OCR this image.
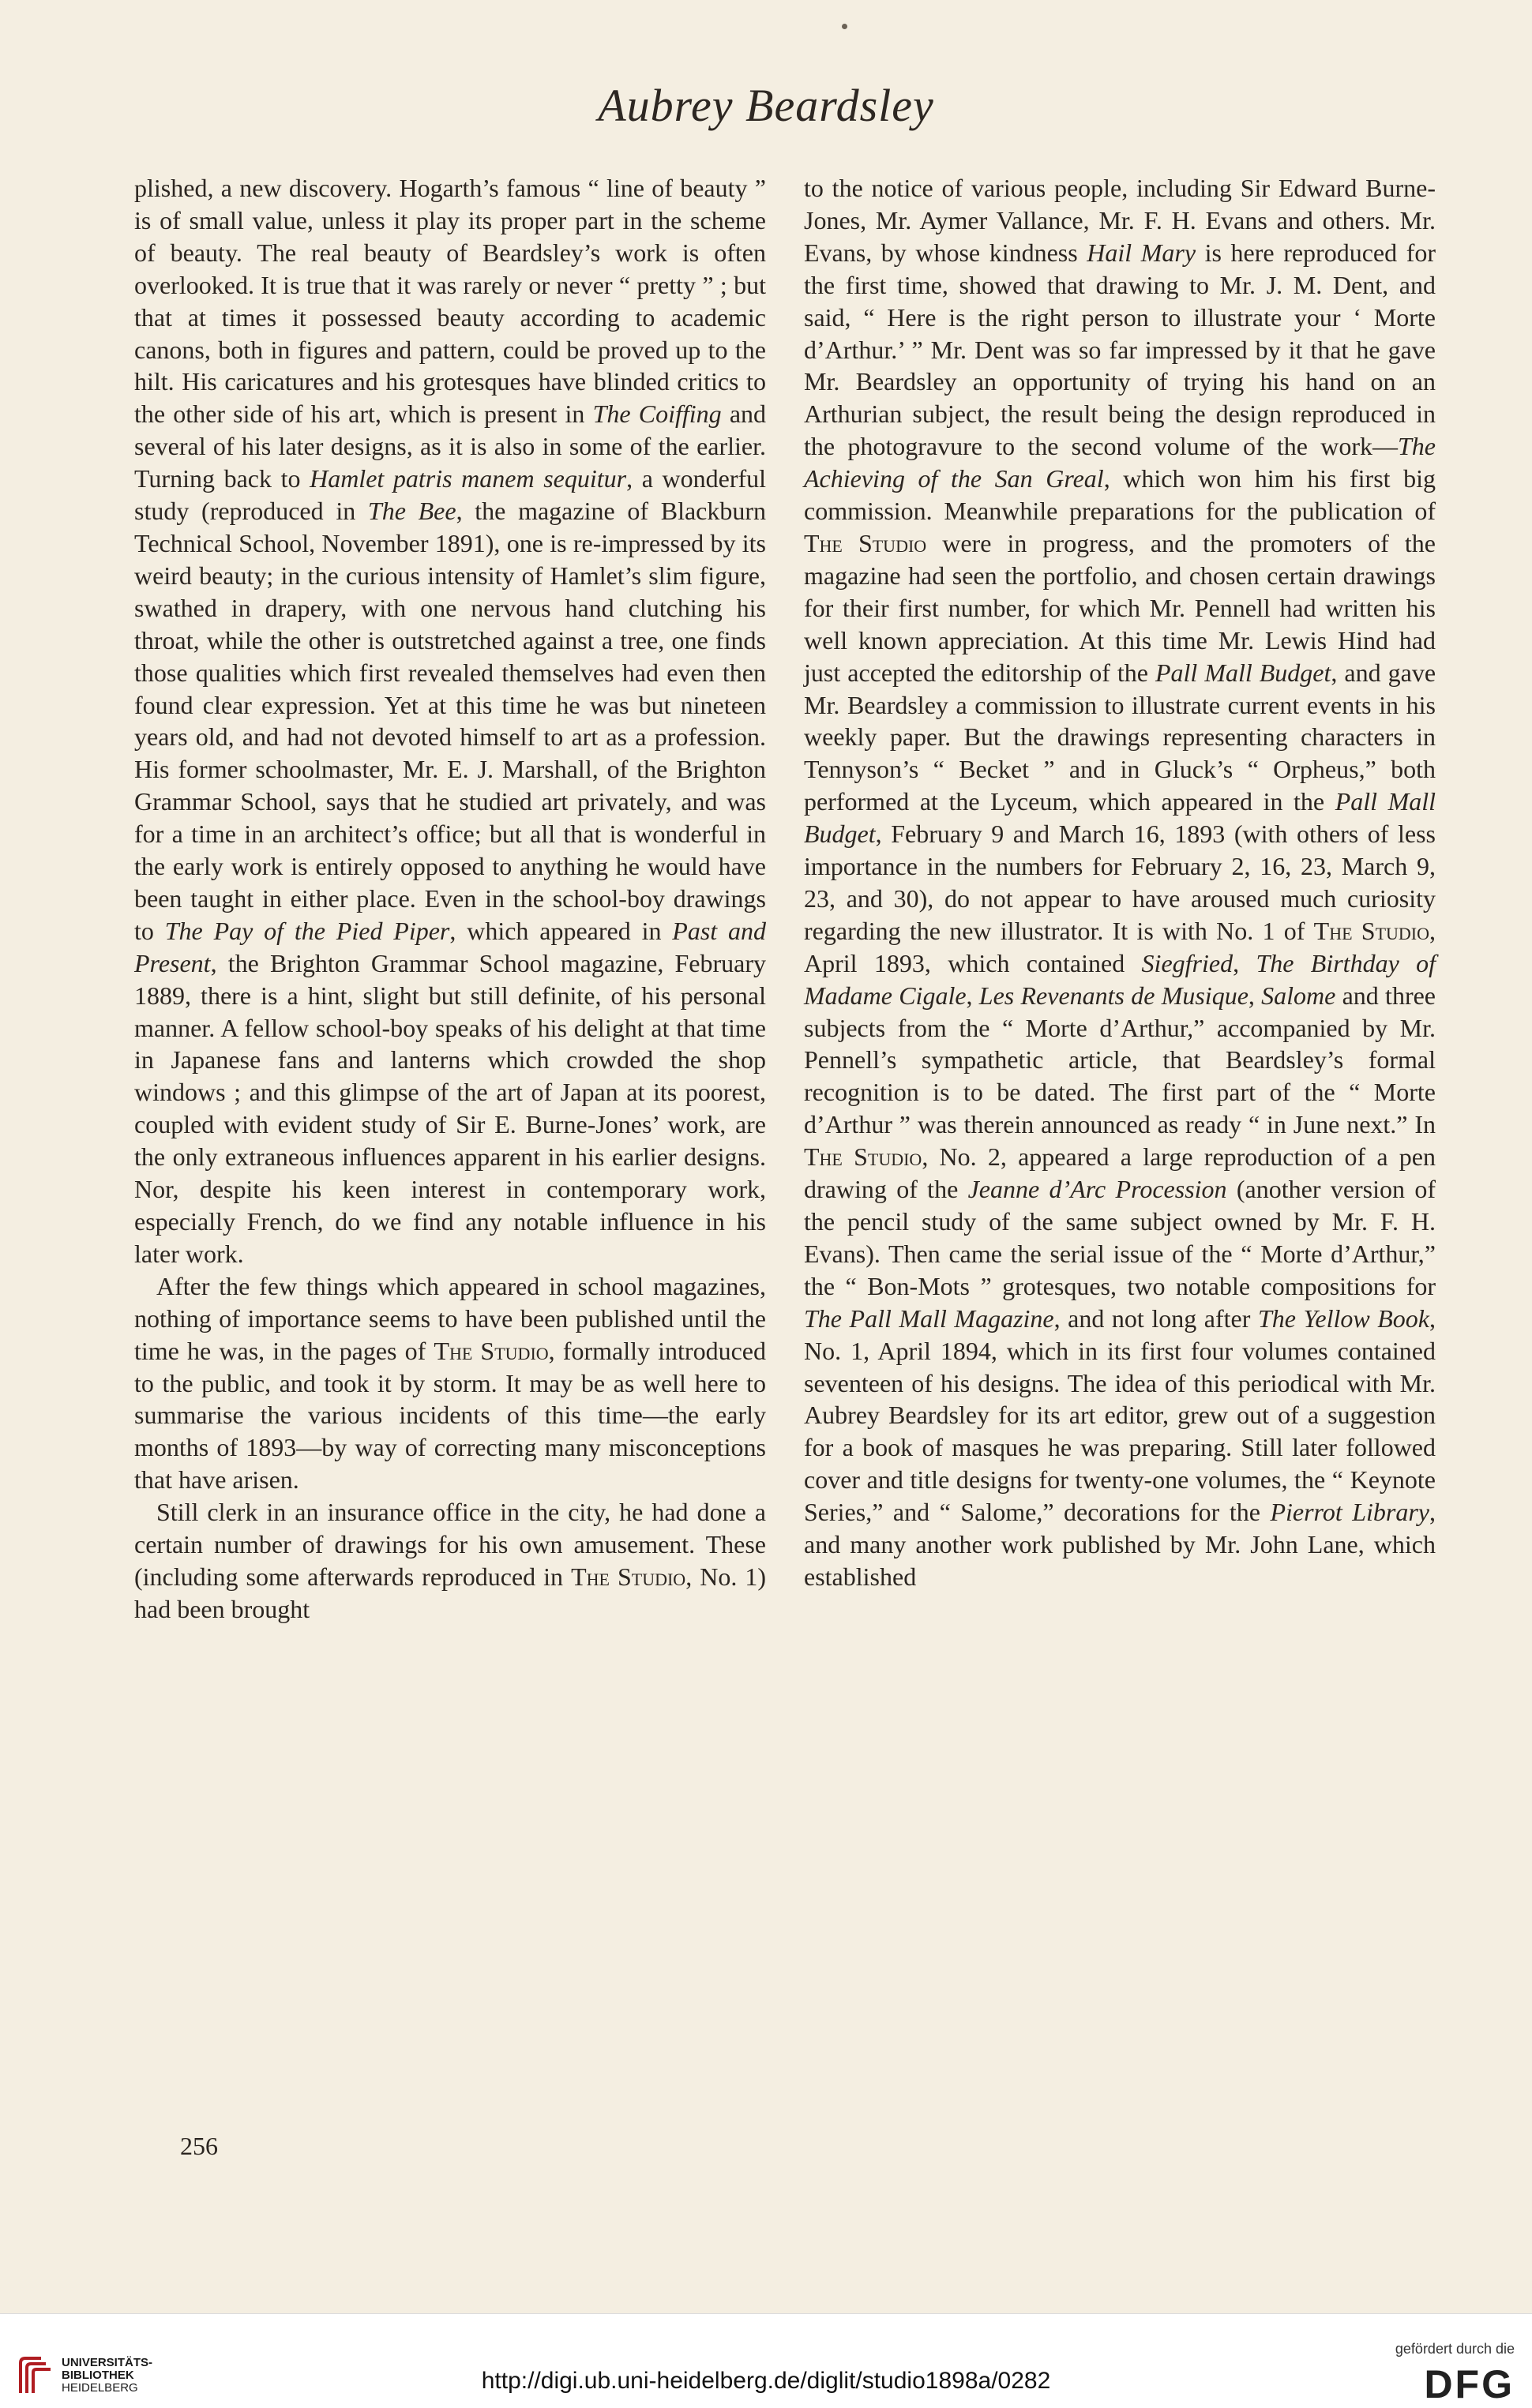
Aubrey Beardsley

plished, a new discovery. Hogarth’s famous “ line of beauty ” is of small value, unless it play its proper part in the scheme of beauty. The real beauty of Beardsley’s work is often overlooked. It is true that it was rarely or never “ pretty ” ; but that at times it possessed beauty according to academic canons, both in figures and pattern, could be proved up to the hilt. His caricatures and his grotesques have blinded critics to the other side of his art, which is present in The Coiffing and several of his later designs, as it is also in some of the earlier. Turning back to Hamlet patris manem sequitur, a wonderful study (reproduced in The Bee, the magazine of Blackburn Technical School, November 1891), one is re-impressed by its weird beauty; in the curious intensity of Hamlet’s slim figure, swathed in drapery, with one nervous hand clutching his throat, while the other is outstretched against a tree, one finds those qualities which first revealed themselves had even then found clear expression. Yet at this time he was but nineteen years old, and had not devoted himself to art as a profession. His former schoolmaster, Mr. E. J. Marshall, of the Brighton Grammar School, says that he studied art privately, and was for a time in an architect’s office; but all that is wonderful in the early work is entirely opposed to anything he would have been taught in either place. Even in the school-boy drawings to The Pay of the Pied Piper, which appeared in Past and Present, the Brighton Grammar School magazine, February 1889, there is a hint, slight but still definite, of his personal manner. A fellow school-boy speaks of his delight at that time in Japanese fans and lanterns which crowded the shop windows ; and this glimpse of the art of Japan at its poorest, coupled with evident study of Sir E. Burne-Jones’ work, are the only extraneous influences apparent in his earlier designs. Nor, despite his keen interest in contemporary work, especially French, do we find any notable influence in his later work.

After the few things which appeared in school magazines, nothing of importance seems to have been published until the time he was, in the pages of The Studio, formally introduced to the public, and took it by storm. It may be as well here to summarise the various incidents of this time—the early months of 1893—by way of correcting many misconceptions that have arisen.

Still clerk in an insurance office in the city, he had done a certain number of drawings for his own amusement. These (including some afterwards reproduced in The Studio, No. 1) had been brought

to the notice of various people, including Sir Edward Burne-Jones, Mr. Aymer Vallance, Mr. F. H. Evans and others. Mr. Evans, by whose kindness Hail Mary is here reproduced for the first time, showed that drawing to Mr. J. M. Dent, and said, “ Here is the right person to illustrate your ‘ Morte d’Arthur.’ ” Mr. Dent was so far impressed by it that he gave Mr. Beardsley an opportunity of trying his hand on an Arthurian subject, the result being the design reproduced in the photogravure to the second volume of the work—The Achieving of the San Greal, which won him his first big commission. Meanwhile preparations for the publication of The Studio were in progress, and the promoters of the magazine had seen the portfolio, and chosen certain drawings for their first number, for which Mr. Pennell had written his well known appreciation. At this time Mr. Lewis Hind had just accepted the editorship of the Pall Mall Budget, and gave Mr. Beardsley a commission to illustrate current events in his weekly paper. But the drawings representing characters in Tennyson’s “ Becket ” and in Gluck’s “ Orpheus,” both performed at the Lyceum, which appeared in the Pall Mall Budget, February 9 and March 16, 1893 (with others of less importance in the numbers for February 2, 16, 23, March 9, 23, and 30), do not appear to have aroused much curiosity regarding the new illustrator. It is with No. 1 of The Studio, April 1893, which contained Siegfried, The Birthday of Madame Cigale, Les Revenants de Musique, Salome and three subjects from the “ Morte d’Arthur,” accompanied by Mr. Pennell’s sympathetic article, that Beardsley’s formal recognition is to be dated. The first part of the “ Morte d’Arthur ” was therein announced as ready “ in June next.” In The Studio, No. 2, appeared a large reproduction of a pen drawing of the Jeanne d’Arc Procession (another version of the pencil study of the same subject owned by Mr. F. H. Evans). Then came the serial issue of the “ Morte d’Arthur,” the “ Bon-Mots ” grotesques, two notable compositions for The Pall Mall Magazine, and not long after The Yellow Book, No. 1, April 1894, which in its first four volumes contained seventeen of his designs. The idea of this periodical with Mr. Aubrey Beardsley for its art editor, grew out of a suggestion for a book of masques he was preparing. Still later followed cover and title designs for twenty-one volumes, the “ Keynote Series,” and “ Salome,” decorations for the Pierrot Library, and many another work published by Mr. John Lane, which established

256
UNIVERSITÄTS-
BIBLIOTHEK
HEIDELBERG	http://digi.ub.uni-heidelberg.de/diglit/studio1898a/0282
gefördert durch die
DFG
